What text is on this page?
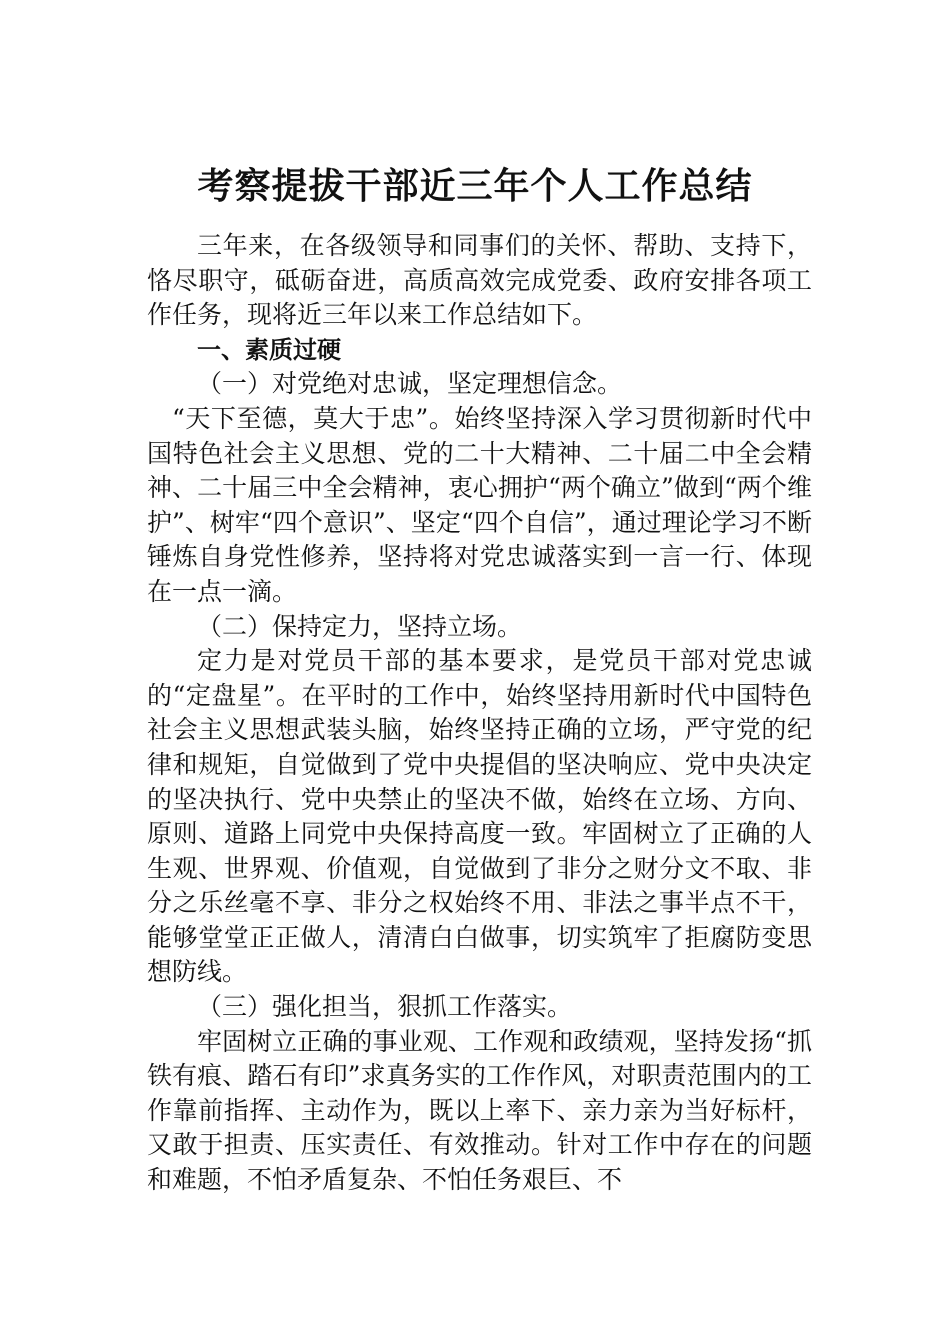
考察提拔干部近三年个人工作总结

三年来，在各级领导和同事们的关怀、帮助、支持下，恪尽职守，砥砺奋进，高质高效完成党委、政府安排各项工作任务，现将近三年以来工作总结如下。

一、素质过硬

（一）对党绝对忠诚，坚定理想信念。

“天下至德，莫大于忠”。始终坚持深入学习贯彻新时代中国特色社会主义思想、党的二十大精神、二十届二中全会精神、二十届三中全会精神，衷心拥护“两个确立”做到“两个维护”、树牢“四个意识”、坚定“四个自信”，通过理论学习不断锤炼自身党性修养，坚持将对党忠诚落实到一言一行、体现在一点一滴。

（二）保持定力，坚持立场。

定力是对党员干部的基本要求，是党员干部对党忠诚的“定盘星”。在平时的工作中，始终坚持用新时代中国特色社会主义思想武装头脑，始终坚持正确的立场，严守党的纪律和规矩，自觉做到了党中央提倡的坚决响应、党中央决定的坚决执行、党中央禁止的坚决不做，始终在立场、方向、原则、道路上同党中央保持高度一致。牢固树立了正确的人生观、世界观、价值观，自觉做到了非分之财分文不取、非分之乐丝毫不享、非分之权始终不用、非法之事半点不干，能够堂堂正正做人，清清白白做事，切实筑牢了拒腐防变思想防线。

（三）强化担当，狠抓工作落实。

牢固树立正确的事业观、工作观和政绩观，坚持发扬“抓铁有痕、踏石有印”求真务实的工作作风，对职责范围内的工作靠前指挥、主动作为，既以上率下、亲力亲为当好标杆，又敢于担责、压实责任、有效推动。针对工作中存在的问题和难题，不怕矛盾复杂、不怕任务艰巨、不
